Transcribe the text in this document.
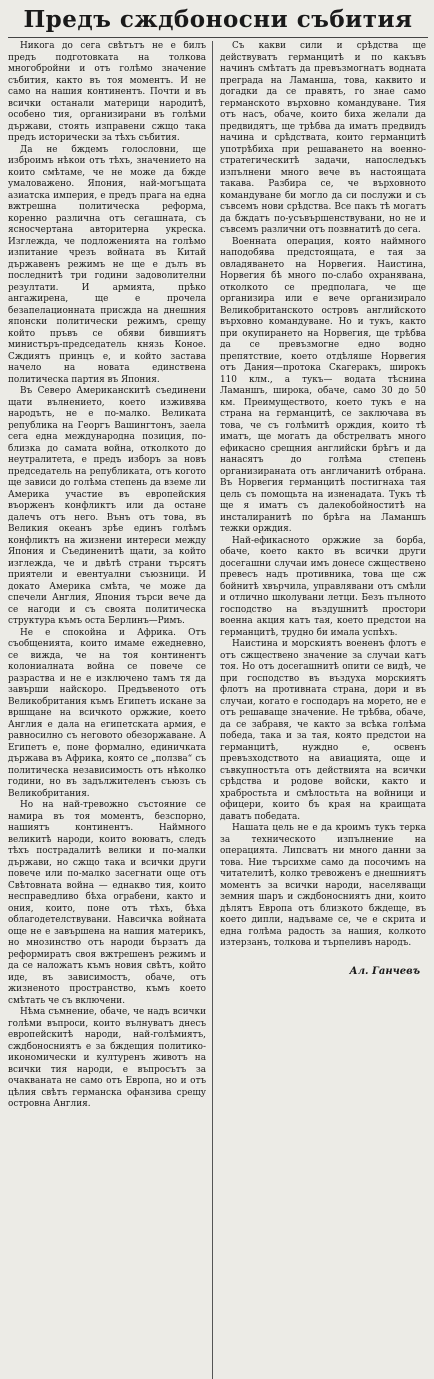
Предъ сждбоносни събития

Никога до сега свѣтътъ не е билъ предъ подготовката на толкова многобройни и отъ голѣмо значение събития, както въ тоя моментъ. И не само на нашия континентъ. Почти и въ всички останали материци народитѣ, особено тия, организирани въ голѣми държави, стоять изправени сжщо така предъ исторически за тѣхъ събития.

Да не бждемъ голословни, ще изброимъ нѣкои отъ тѣхъ, значението на които смѣтаме, че не може да бжде умаловажено. Япония, най-могъщата азиатска империя, е предъ прага на една вжтрешна политическа реформа, коренно различна отъ сегашната, съ ясносчертана авторитерна укреска. Изглежда, че подложенията на голѣмо изпитание чрезъ войната въ Китай държавенъ режимъ не ще е дълъ въ последнитѣ три години задоволителни резултати. И армията, прѣко ангажирена, ще е прочела безапелационната присжда на днешния японски политически режимъ, срещу който пръвъ се обяви бившиятъ министъръ-председатель князь Коное. Сждиятъ принцъ е, и който застава начело на новата единствена политическа партия въ Япония.

Въ Северо Американскитѣ съединени щати вълнението, което изживява народътъ, не е по-малко. Великата република на Георгъ Вашингтонъ, заела сега една международна позиция, по-близка до самата война, отколкото до неутралитета, е предъ изборъ за новъ председатель на републиката, отъ когото ще зависи до голѣма степень да вземе ли Америка участие въ европейския въорженъ конфликтъ или да остане далечъ отъ него. Вънъ отъ това, въ Великия океанъ зрѣе единъ голѣмъ конфликтъ на жизнени интереси между Япония и Съединенитѣ щати, за който изглежда, че и двѣтѣ страни търсятъ приятели и евентуални съюзници. И докато Америка смѣта, че може да спечели Англия, Япония търси вече да се нагоди и съ своята политическа структура къмъ оста Берлинъ—Римъ.

Не е спокойна и Африка. Отъ съобщенията, които имаме ежедневно, се вижда, че на тоя континентъ колониалната война се повече се разраства и не е изключено тамъ тя да завърши найскоро. Предъвеното отъ Великобритания къмъ Египетъ искане за вршщане на всичкото оржжие, което Англия е дала на египетската армия, е равносилно съ неговото обезоржаване. А Египетъ е, поне формално, единичката държава въ Африка, която се „ползва“ съ политическа независимость отъ нѣколко години, но въ задължителенъ съюзъ съ Великобритания.

Но на най-тревожно състояние се намира въ тоя моментъ, безспорно, нашиятъ континентъ. Наймного великитѣ народи, които воюватъ, следъ тѣхъ пострадалитѣ велики и по-малки държави, но сжщо така и всички други повече или по-малко засегнати още отъ Свѣтовната война — еднакво тия, които несправедливо бѣха ограбени, както и ония, които, поне отъ тѣхъ, бѣха облагодетелствувани. Навсичка войната още не е завършена на нашия материкъ, но мнозинство отъ народи бързатъ да реформиратъ своя вжтрешенъ режимъ и да се наложатъ къмъ новия свѣтъ, който иде, въ зависимостъ, обаче, отъ жизненото пространство, къмъ което смѣтать че съ включени.

Нѣма съмнение, обаче, че надъ всички голѣми въпроси, които вълнуватъ днесъ европейскитѣ народи, най-голѣмиятъ, сждбоносниятъ е за бждещия политико-икономически и културенъ животъ на всички тия народи, е въпросътъ за очакваната не само отъ Европа, но и отъ цѣлия свѣтъ германска офанзива срещу островна Англия.

Съ какви сили и срѣдства ще действуватъ германцитѣ и по какъвъ начинъ смѣтатъ да превъзмогнатъ водната преграда на Ламанша, това, каквито и догадки да се правятъ, го знае само германското върховно командуване. Тия отъ насъ, обаче, които биха желали да предвидятъ, ще трѣбва да иматъ предвидъ начина и срѣдствата, които германцитѣ употрѣбиха при решаването на военно-стратегическитѣ задачи, напоследъкъ изпълнени много вече въ настоящата такава. Разбира се, че върховното командуване би могло да си послужи и съ съвсемъ нови срѣдства. Все пакъ тѣ могатъ да бждатъ по-усъвършенствувани, но не и съвсемъ различни отъ позвнатитѣ до сега.

Военната операция, която наймного наподобява предстоящата, е тая за овладяването на Норвегия. Наистина, Норвегия бѣ много по-слабо охранявана, отколкото се предполага, че ще организира или е вече организирало Великобританското островъ английското върховно командуване. Но и тукъ, както при окупирането на Норвегия, ще трѣбва да се превъзмогне едно водно препятствие, което отдѣляше Норвегия отъ Дания—протока Скагеракъ, широкъ 110 клм., а тукъ— водата тѣснина Ламаншъ, широка, обаче, само 30 до 50 км. Преимуществото, което тукъ е на страна на германцитѣ, се заключава въ това, че съ голѣмитѣ орждия, които тѣ иматъ, ще могатъ да обстрелватъ много ефикасно срещния английски брѣгъ и да нанасятъ до голѣма степень организираната отъ англичанитѣ отбрана. Въ Норвегия германцитѣ постигнаха тая цель съ помощьта на изненадата. Тукъ тѣ ще я иматъ съ далекобойноститѣ на инсталиранитѣ по брѣга на Ламаншъ тежки орждия.

Най-ефикасното оржжие за борба, обаче, което както въ всички други досегашни случаи имъ донесе сжществено превесъ надъ противника, това ще сж бойнитѣ хвърчила, управлявани отъ смѣли и отлично школувани летци. Безъ пълното господство на въздушнитѣ простори военна акция катъ тая, което предстои на германцитѣ, трудно би имала успѣхъ.

Наистина и морскиятъ воененъ флотъ е отъ сжществено значение за случаи катъ тоя. Но отъ досегашнитѣ опити се видѣ, че при господство въ въздуха морскиятъ флотъ на противната страна, дори и въ случаи, когато е господаръ на морето, не е отъ решаваще значение. Не трѣбва, обаче, да се забравя, че както за всѣка голѣма победа, така и за тая, която предстои на германцитѣ, нуждно е, освенъ превъзходството на авиацията, още и съвкупностъта отъ действията на всички срѣдства и родове войски, както и храбростьта и смѣлостьта на войници и офицери, които бъ края на краищата даватъ победата.

Нашата цель не е да кроимъ тукъ терка за техническото изпълнение на операцията. Липсватъ ни много данни за това. Ние търсихме само да посочимъ на читателитѣ, колко тревоженъ е днешниятъ моментъ за всички народи, населяващи земния шаръ и сждбоносниятъ дни, които дѣлятъ Европа отъ близкото бждеще, въ което дипли, надъваме се, че е скрита и една голѣма радость за нашия, колкото изтерзанъ, толкова и търпеливъ народъ.

Ал. Ганчевъ
